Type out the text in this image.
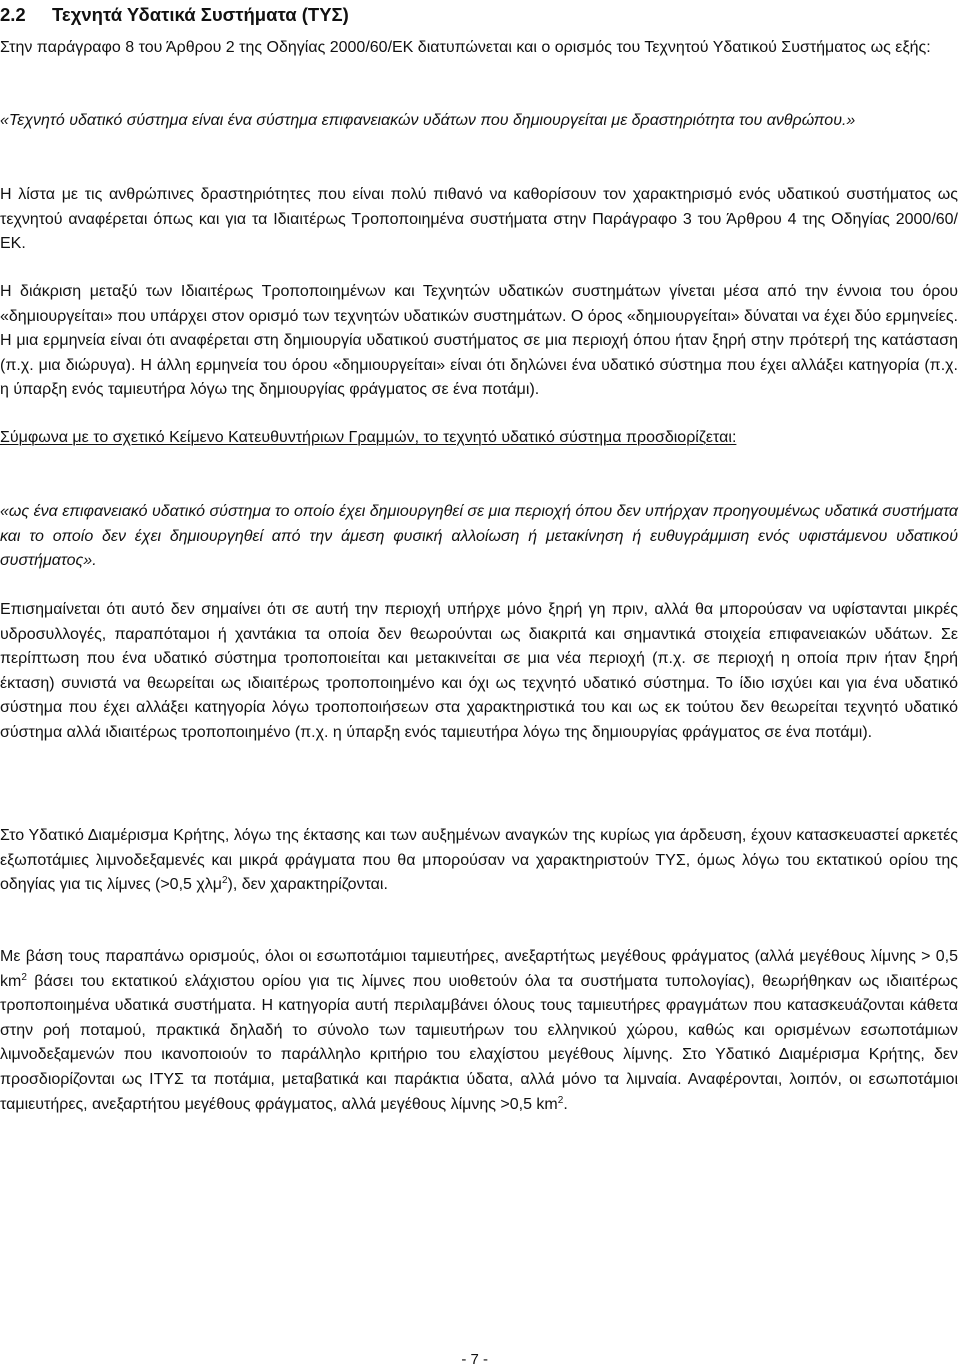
2.2 Τεχνητά Υδατικά Συστήματα (ΤΥΣ)

Στην παράγραφο 8 του Άρθρου 2 της Οδηγίας 2000/60/ΕΚ διατυπώνεται και ο ορισμός του Τεχνητού Υδατικού Συστήματος ως εξής:

«Τεχνητό υδατικό σύστημα είναι ένα σύστημα επιφανειακών υδάτων που δημιουργείται με δραστηριότητα του ανθρώπου.»

Η λίστα με τις ανθρώπινες δραστηριότητες που είναι πολύ πιθανό να καθορίσουν τον χαρακτηρισμό ενός υδατικού συστήματος ως τεχνητού αναφέρεται όπως και για τα Ιδιαιτέρως Τροποποιημένα συστήματα στην Παράγραφο 3 του Άρθρου 4 της Οδηγίας 2000/60/ΕΚ.

Η διάκριση μεταξύ των Ιδιαιτέρως Τροποποιημένων και Τεχνητών υδατικών συστημάτων γίνεται μέσα από την έννοια του όρου «δημιουργείται» που υπάρχει στον ορισμό των τεχνητών υδατικών συστημάτων. Ο όρος «δημιουργείται» δύναται να έχει δύο ερμηνείες. Η μια ερμηνεία είναι ότι αναφέρεται στη δημιουργία υδατικού συστήματος σε μια περιοχή όπου ήταν ξηρή στην πρότερή της κατάσταση (π.χ. μια διώρυγα). Η άλλη ερμηνεία του όρου «δημιουργείται» είναι ότι δηλώνει ένα υδατικό σύστημα που έχει αλλάξει κατηγορία (π.χ. η ύπαρξη ενός ταμιευτήρα λόγω της δημιουργίας φράγματος σε ένα ποτάμι).

Σύμφωνα με το σχετικό Κείμενο Κατευθυντήριων Γραμμών, το τεχνητό υδατικό σύστημα προσδιορίζεται:

«ως ένα επιφανειακό υδατικό σύστημα το οποίο έχει δημιουργηθεί σε μια περιοχή όπου δεν υπήρχαν προηγουμένως υδατικά συστήματα και το οποίο δεν έχει δημιουργηθεί από την άμεση φυσική αλλοίωση ή μετακίνηση ή ευθυγράμμιση ενός υφιστάμενου υδατικού συστήματος».

Επισημαίνεται ότι αυτό δεν σημαίνει ότι σε αυτή την περιοχή υπήρχε μόνο ξηρή γη πριν, αλλά θα μπορούσαν να υφίστανται μικρές υδροσυλλογές, παραπόταμοι ή χαντάκια τα οποία δεν θεωρούνται ως διακριτά και σημαντικά στοιχεία επιφανειακών υδάτων. Σε περίπτωση που ένα υδατικό σύστημα τροποποιείται και μετακινείται σε μια νέα περιοχή (π.χ. σε περιοχή η οποία πριν ήταν ξηρή έκταση) συνιστά να θεωρείται ως ιδιαιτέρως τροποποιημένο και όχι ως τεχνητό υδατικό σύστημα. Το ίδιο ισχύει και για ένα υδατικό σύστημα που έχει αλλάξει κατηγορία λόγω τροποποιήσεων στα χαρακτηριστικά του και ως εκ τούτου δεν θεωρείται τεχνητό υδατικό σύστημα αλλά ιδιαιτέρως τροποποιημένο (π.χ. η ύπαρξη ενός ταμιευτήρα λόγω της δημιουργίας φράγματος σε ένα ποτάμι).

Στο Υδατικό Διαμέρισμα Κρήτης, λόγω της έκτασης και των αυξημένων αναγκών της κυρίως για άρδευση, έχουν κατασκευαστεί αρκετές εξωποτάμιες λιμνοδεξαμενές και μικρά φράγματα που θα μπορούσαν να χαρακτηριστούν ΤΥΣ, όμως λόγω του εκτατικού ορίου της οδηγίας για τις λίμνες (>0,5 χλμ$^2$), δεν χαρακτηρίζονται.

Με βάση τους παραπάνω ορισμούς, όλοι οι εσωποτάμιοι ταμιευτήρες, ανεξαρτήτως μεγέθους φράγματος (αλλά μεγέθους λίμνης > 0,5 $km^2$ βάσει του εκτατικού ελάχιστου ορίου για τις λίμνες που υιοθετούν όλα τα συστήματα τυπολογίας), θεωρήθηκαν ως ιδιαιτέρως τροποποιημένα υδατικά συστήματα. Η κατηγορία αυτή περιλαμβάνει όλους τους ταμιευτήρες φραγμάτων που κατασκευάζονται κάθετα στην ροή ποταμού, πρακτικά δηλαδή το σύνολο των ταμιευτήρων του ελληνικού χώρου, καθώς και ορισμένων εσωποτάμιων λιμνοδεξαμενών που ικανοποιούν το παράλληλο κριτήριο του ελαχίστου μεγέθους λίμνης. Στο Υδατικό Διαμέρισμα Κρήτης, δεν προσδιορίζονται ως ΙΤΥΣ τα ποτάμια, μεταβατικά και παράκτια ύδατα, αλλά μόνο τα λιμναία. Αναφέρονται, λοιπόν, οι εσωποτάμιοι ταμιευτήρες, ανεξαρτήτου μεγέθους φράγματος, αλλά μεγέθους λίμνης >0,5 $km^2$.

- 7 -
